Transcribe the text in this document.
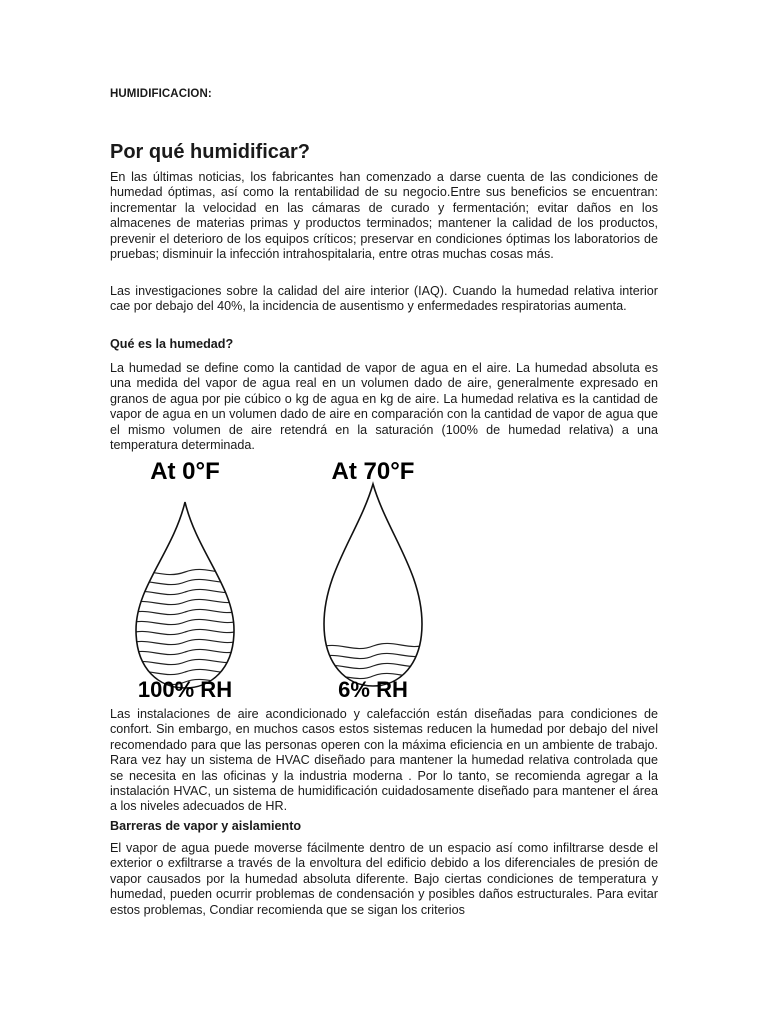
HUMIDIFICACION:
Por qué humidificar?
En las últimas noticias, los fabricantes han comenzado a darse cuenta de las condiciones de humedad óptimas, así como la rentabilidad de su negocio.Entre sus beneficios se encuentran: incrementar la velocidad en las cámaras de curado y fermentación; evitar daños en los almacenes de materias primas y productos terminados; mantener la calidad de los productos, prevenir el deterioro de los equipos críticos; preservar en condiciones óptimas los laboratorios de pruebas; disminuir la infección intrahospitalaria, entre otras muchas cosas más.
Las investigaciones sobre la calidad del aire interior (IAQ). Cuando la humedad relativa interior cae por debajo del 40%, la incidencia de ausentismo y enfermedades respiratorias aumenta.
Qué es la humedad?
La humedad se define como la cantidad de vapor de agua en el aire. La humedad absoluta es una medida del vapor de agua real en un volumen dado de aire, generalmente expresado en granos de agua por pie cúbico o kg de agua en kg de aire. La humedad relativa es la cantidad de vapor de agua en un volumen dado de aire en comparación con la cantidad de vapor de agua que el mismo volumen de aire retendrá en la saturación (100% de humedad relativa) a una temperatura determinada.
At 0°F	At 70°F
100% RH	6% RH
Las instalaciones de aire acondicionado y calefacción están diseñadas para condiciones de confort. Sin embargo, en muchos casos estos sistemas reducen la humedad por debajo del nivel recomendado para que las personas operen con la máxima eficiencia en un ambiente de trabajo. Rara vez hay un sistema de HVAC diseñado para mantener la humedad relativa controlada que se necesita en las oficinas y la industria moderna . Por lo tanto, se recomienda agregar a la instalación HVAC, un sistema de humidificación cuidadosamente diseñado para mantener el área a los niveles adecuados de HR.
Barreras de vapor y aislamiento
El vapor de agua puede moverse fácilmente dentro de un espacio así como infiltrarse desde el exterior o exfiltrarse a través de la envoltura del edificio debido a los diferenciales de presión de vapor causados por la humedad absoluta diferente. Bajo ciertas condiciones de temperatura y humedad, pueden ocurrir problemas de condensación y posibles daños estructurales. Para evitar estos problemas, Condiar recomienda que se sigan los criterios
